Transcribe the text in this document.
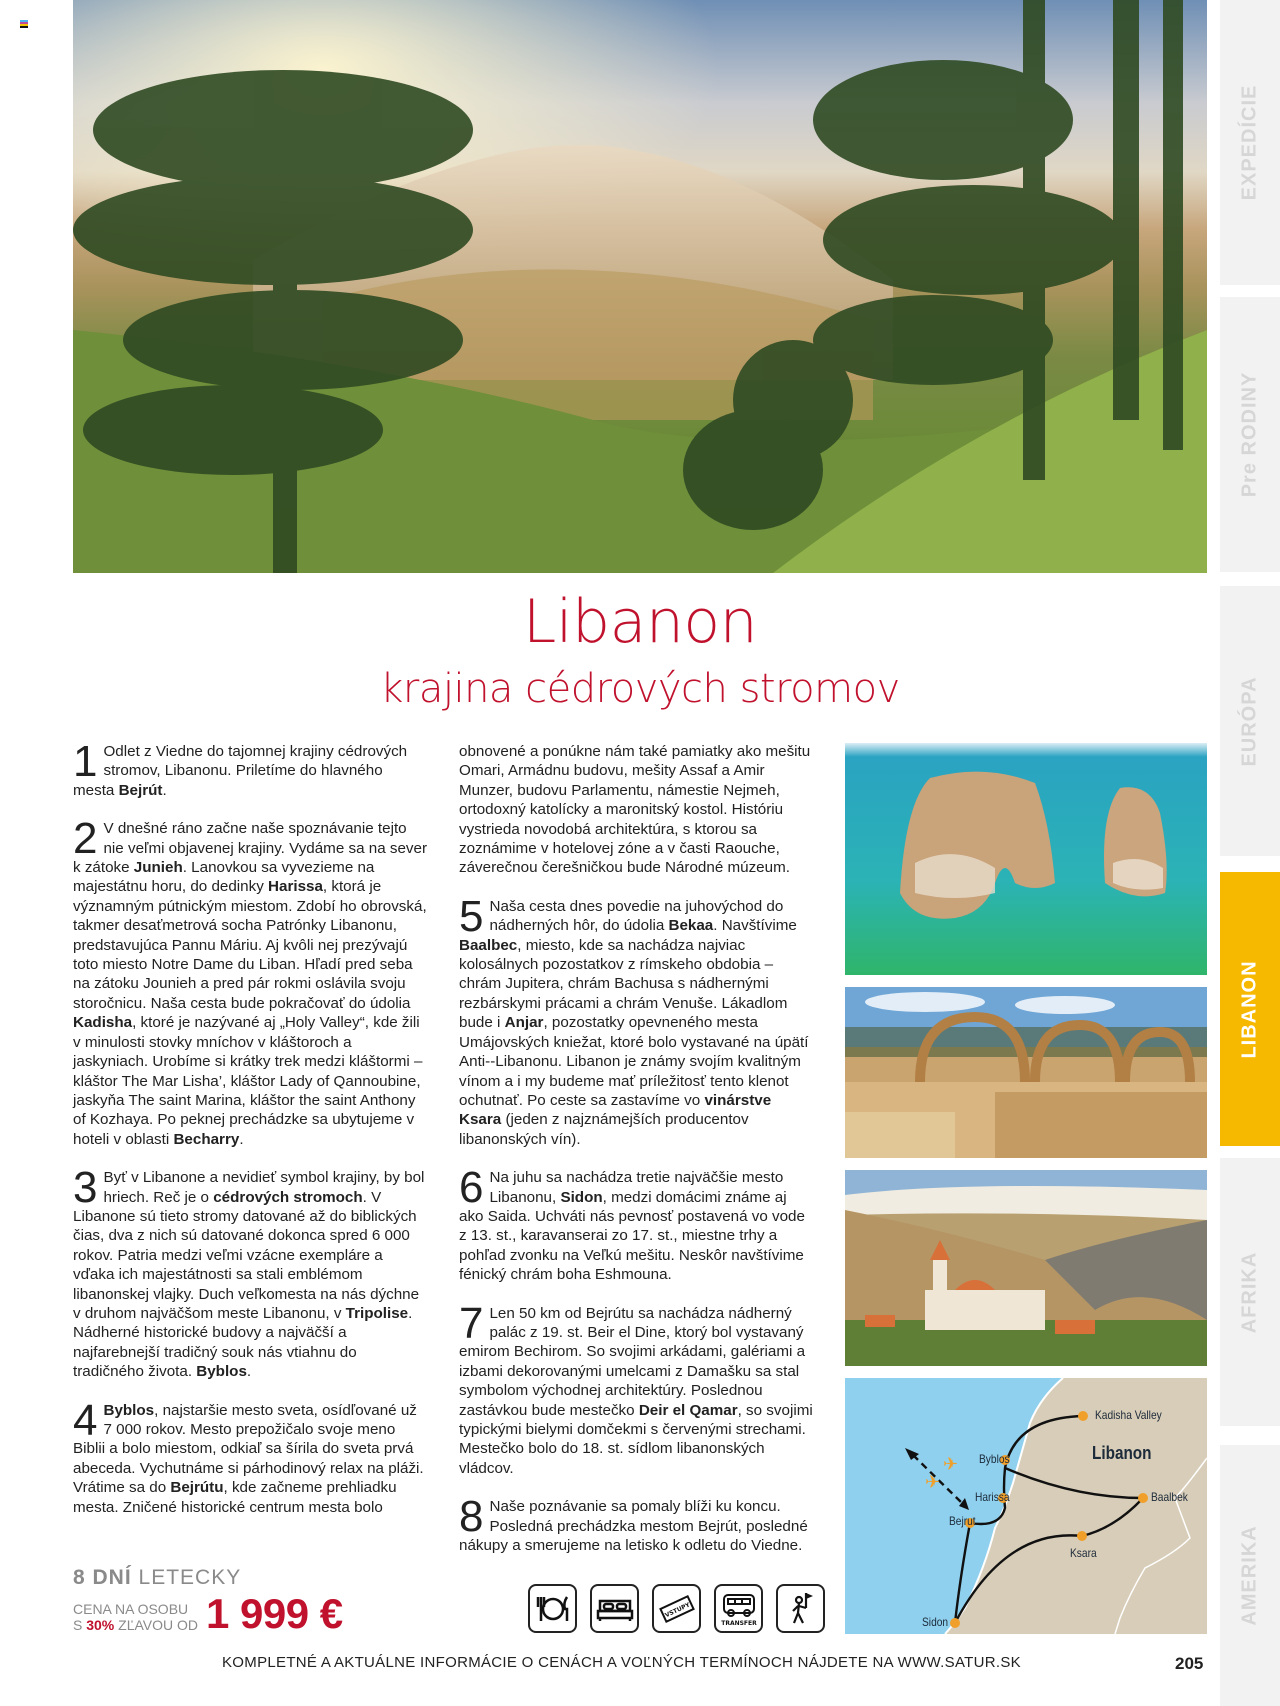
EXPEDÍCIE
Pre RODINY
EURÓPA
LIBANON
AFRIKA
AMERIKA
Libanon
krajina cédrových stromov
1 Odlet z Viedne do tajomnej krajiny cédrových stromov, Libanonu. Priletíme do hlavného mesta Bejrút.
2 V dnešné ráno začne naše spoznávanie tejto nie veľmi objavenej krajiny. Vydáme sa na sever k zátoke Junieh. Lanovkou sa vyvezieme na majestátnu horu, do dedinky Harissa, ktorá je významným pútnickým miestom. Zdobí ho obrovská, takmer desaťmetrová socha Patrónky Libanonu, predstavujúca Pannu Máriu. Aj kvôli nej prezývajú toto miesto Notre Dame du Liban. Hľadí pred seba na zátoku Jounieh a pred pár rokmi oslávila svoju storočnicu. Naša cesta bude pokračovať do údolia Kadisha, ktoré je nazývané aj „Holy Valley“, kde žili v minulosti stovky mníchov v kláštoroch a jaskyniach. Urobíme si krátky trek medzi kláštormi – kláštor The Mar Lisha’, kláštor Lady of Qannoubine, jaskyňa The saint Marina, kláštor the saint Anthony of Kozhaya. Po peknej prechádzke sa ubytujeme v hoteli v oblasti Becharry.
3 Byť v Libanone a nevidieť symbol krajiny, by bol hriech. Reč je o cédrových stromoch. V Libanone sú tieto stromy datované až do biblických čias, dva z nich sú datované dokonca spred 6 000 rokov. Patria medzi veľmi vzácne exempláre a vďaka ich majestátnosti sa stali emblémom libanonskej vlajky. Duch veľkomesta na nás dýchne v druhom najväčšom meste Libanonu, v Tripolise. Nádherné historické budovy a najväčší a najfarebnejší tradičný souk nás vtiahnu do tradičného života. Byblos.
4 Byblos, najstaršie mesto sveta, osídľované už 7 000 rokov. Mesto prepožičalo svoje meno Biblii a bolo miestom, odkiaľ sa šírila do sveta prvá abeceda. Vychutnáme si párhodinový relax na pláži. Vrátime sa do Bejrútu, kde začneme prehliadku mesta. Zničené historické centrum mesta bolo
obnovené a ponúkne nám také pamiatky ako mešitu Omari, Armádnu budovu, mešity Assaf a Amir Munzer, budovu Parlamentu, námestie Nejmeh, ortodoxný katolícky a maronitský kostol. Históriu vystrieda novodobá architektúra, s ktorou sa zoznámime v hotelovej zóne a v časti Raouche, záverečnou čerešničkou bude Národné múzeum.
5 Naša cesta dnes povedie na juhovýchod do nádherných hôr, do údolia Bekaa. Navštívime Baalbec, miesto, kde sa nachádza najviac kolosálnych pozostatkov z rímskeho obdobia – chrám Jupitera, chrám Bachusa s nádhernými rezbárskymi prácami a chrám Venuše. Lákadlom bude i Anjar, pozostatky opevneného mesta Umájovských kniežat, ktoré bolo vystavané na úpätí Anti--Libanonu. Libanon je známy svojím kvalitným vínom a i my budeme mať príležitosť tento klenot ochutnať. Po ceste sa zastavíme vo vinárstve Ksara (jeden z najznámejších producentov libanonských vín).
6 Na juhu sa nachádza tretie najväčšie mesto Libanonu, Sidon, medzi domácimi známe aj ako Saida. Uchváti nás pevnosť postavená vo vode z 13. st., karavanserai zo 17. st., miestne trhy a pohľad zvonku na Veľkú mešitu. Neskôr navštívime fénický chrám boha Eshmouna.
7 Len 50 km od Bejrútu sa nachádza nádherný palác z 19. st. Beir el Dine, ktorý bol vystavaný emirom Bechirom. So svojimi arkádami, galériami a izbami dekorovanými umelcami z Damašku sa stal symbolom východnej architektúry. Poslednou zastávkou bude mestečko Deir el Qamar, so svojimi typickými bielymi domčekmi s červenými strechami. Mestečko bolo do 18. st. sídlom libanonských vládcov.
8 Naše poznávanie sa pomaly blíži ku koncu. Posledná prechádzka mestom Bejrút, posledné nákupy a smerujeme na letisko k odletu do Viedne.
✈
✈
Kadisha Valley
Byblos
Harissa
Bejrut
Baalbek
Ksara
Sidon
Libanon
8 DNÍ LETECKY
CENA NA OSOBU
S 30% ZĽAVOU OD 1 999 €	VSTUPY
TRANSFER
KOMPLETNÉ A AKTUÁLNE INFORMÁCIE O CENÁCH A VOĽNÝCH TERMÍNOCH NÁJDETE NA WWW.SATUR.SK	205
